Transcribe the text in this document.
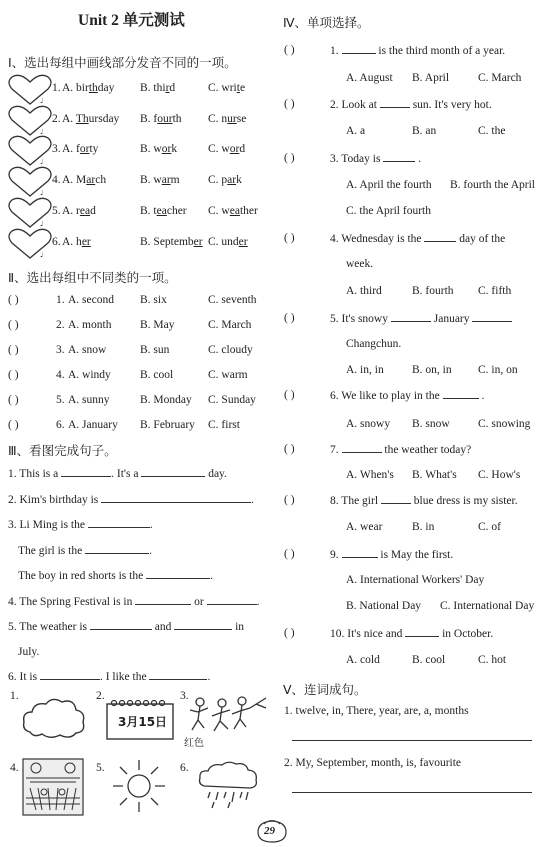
Unit 2 单元测试
Ⅰ、选出每组中画线部分发音不同的一项。
♩
1. A. birthday B. third	C. write
♩
2. A. Thursday B. fourth C. nurse
♩
3. A. forty	B. work	C. word
♩
4. A. March	B. warm C. park
♩
5. A. read	B. teacher C. weather
♩
6. A. her	B. September C. under
Ⅱ、选出每组中不同类的一项。
( )	1. A. second B. six	C. seventh
( )	2. A. month B. May	C. March
( )	3. A. snow	B. sun	C. cloudy
( )	4. A. windy	B. cool	C. warm
( )	5. A. sunny	B. Monday C. Sunday
( )	6. A. January B. February C. first
Ⅲ、看图完成句子。
1. This is a	. It's a	day.
2. Kim's birthday is	.
3. Li Ming is the	.
The girl is the	.
The boy in red shorts is the	.
4. The Spring Festival is in	or	.
5. The weather is	and	in
July.
6. It is	. I like the	.
1.	2.
3月15日
3.
红色
4.	5.	6.
Ⅳ、单项选择。
( )	1.	is the third month of a year.
A. August B. April	C. March
( )	2. Look at	sun. It's very hot.
A. a	B. an	C. the
( )	3. Today is	.
A. April the fourth B. fourth the April
C. the April fourth
( )	4. Wednesday is the	day of the
week.
A. third	B. fourth C. fifth
( )	5. It's snowy	January
Changchun.
A. in, in B. on, in C. in, on
( )	6. We like to play in the	.
A. snowy B. snow C. snowing
( )	7.	the weather today?
A. When's B. What's C. How's
( )	8. The girl	blue dress is my sister.
A. wear	B. in	C. of
( )	9.	is May the first.
A. International Workers' Day
B. National Day C. International Day
( )	10. It's nice and	in October.
A. cold	B. cool	C. hot
Ⅴ、连词成句。
1. twelve, in, There, year, are, a, months
2. My, September, month, is, favourite
29
